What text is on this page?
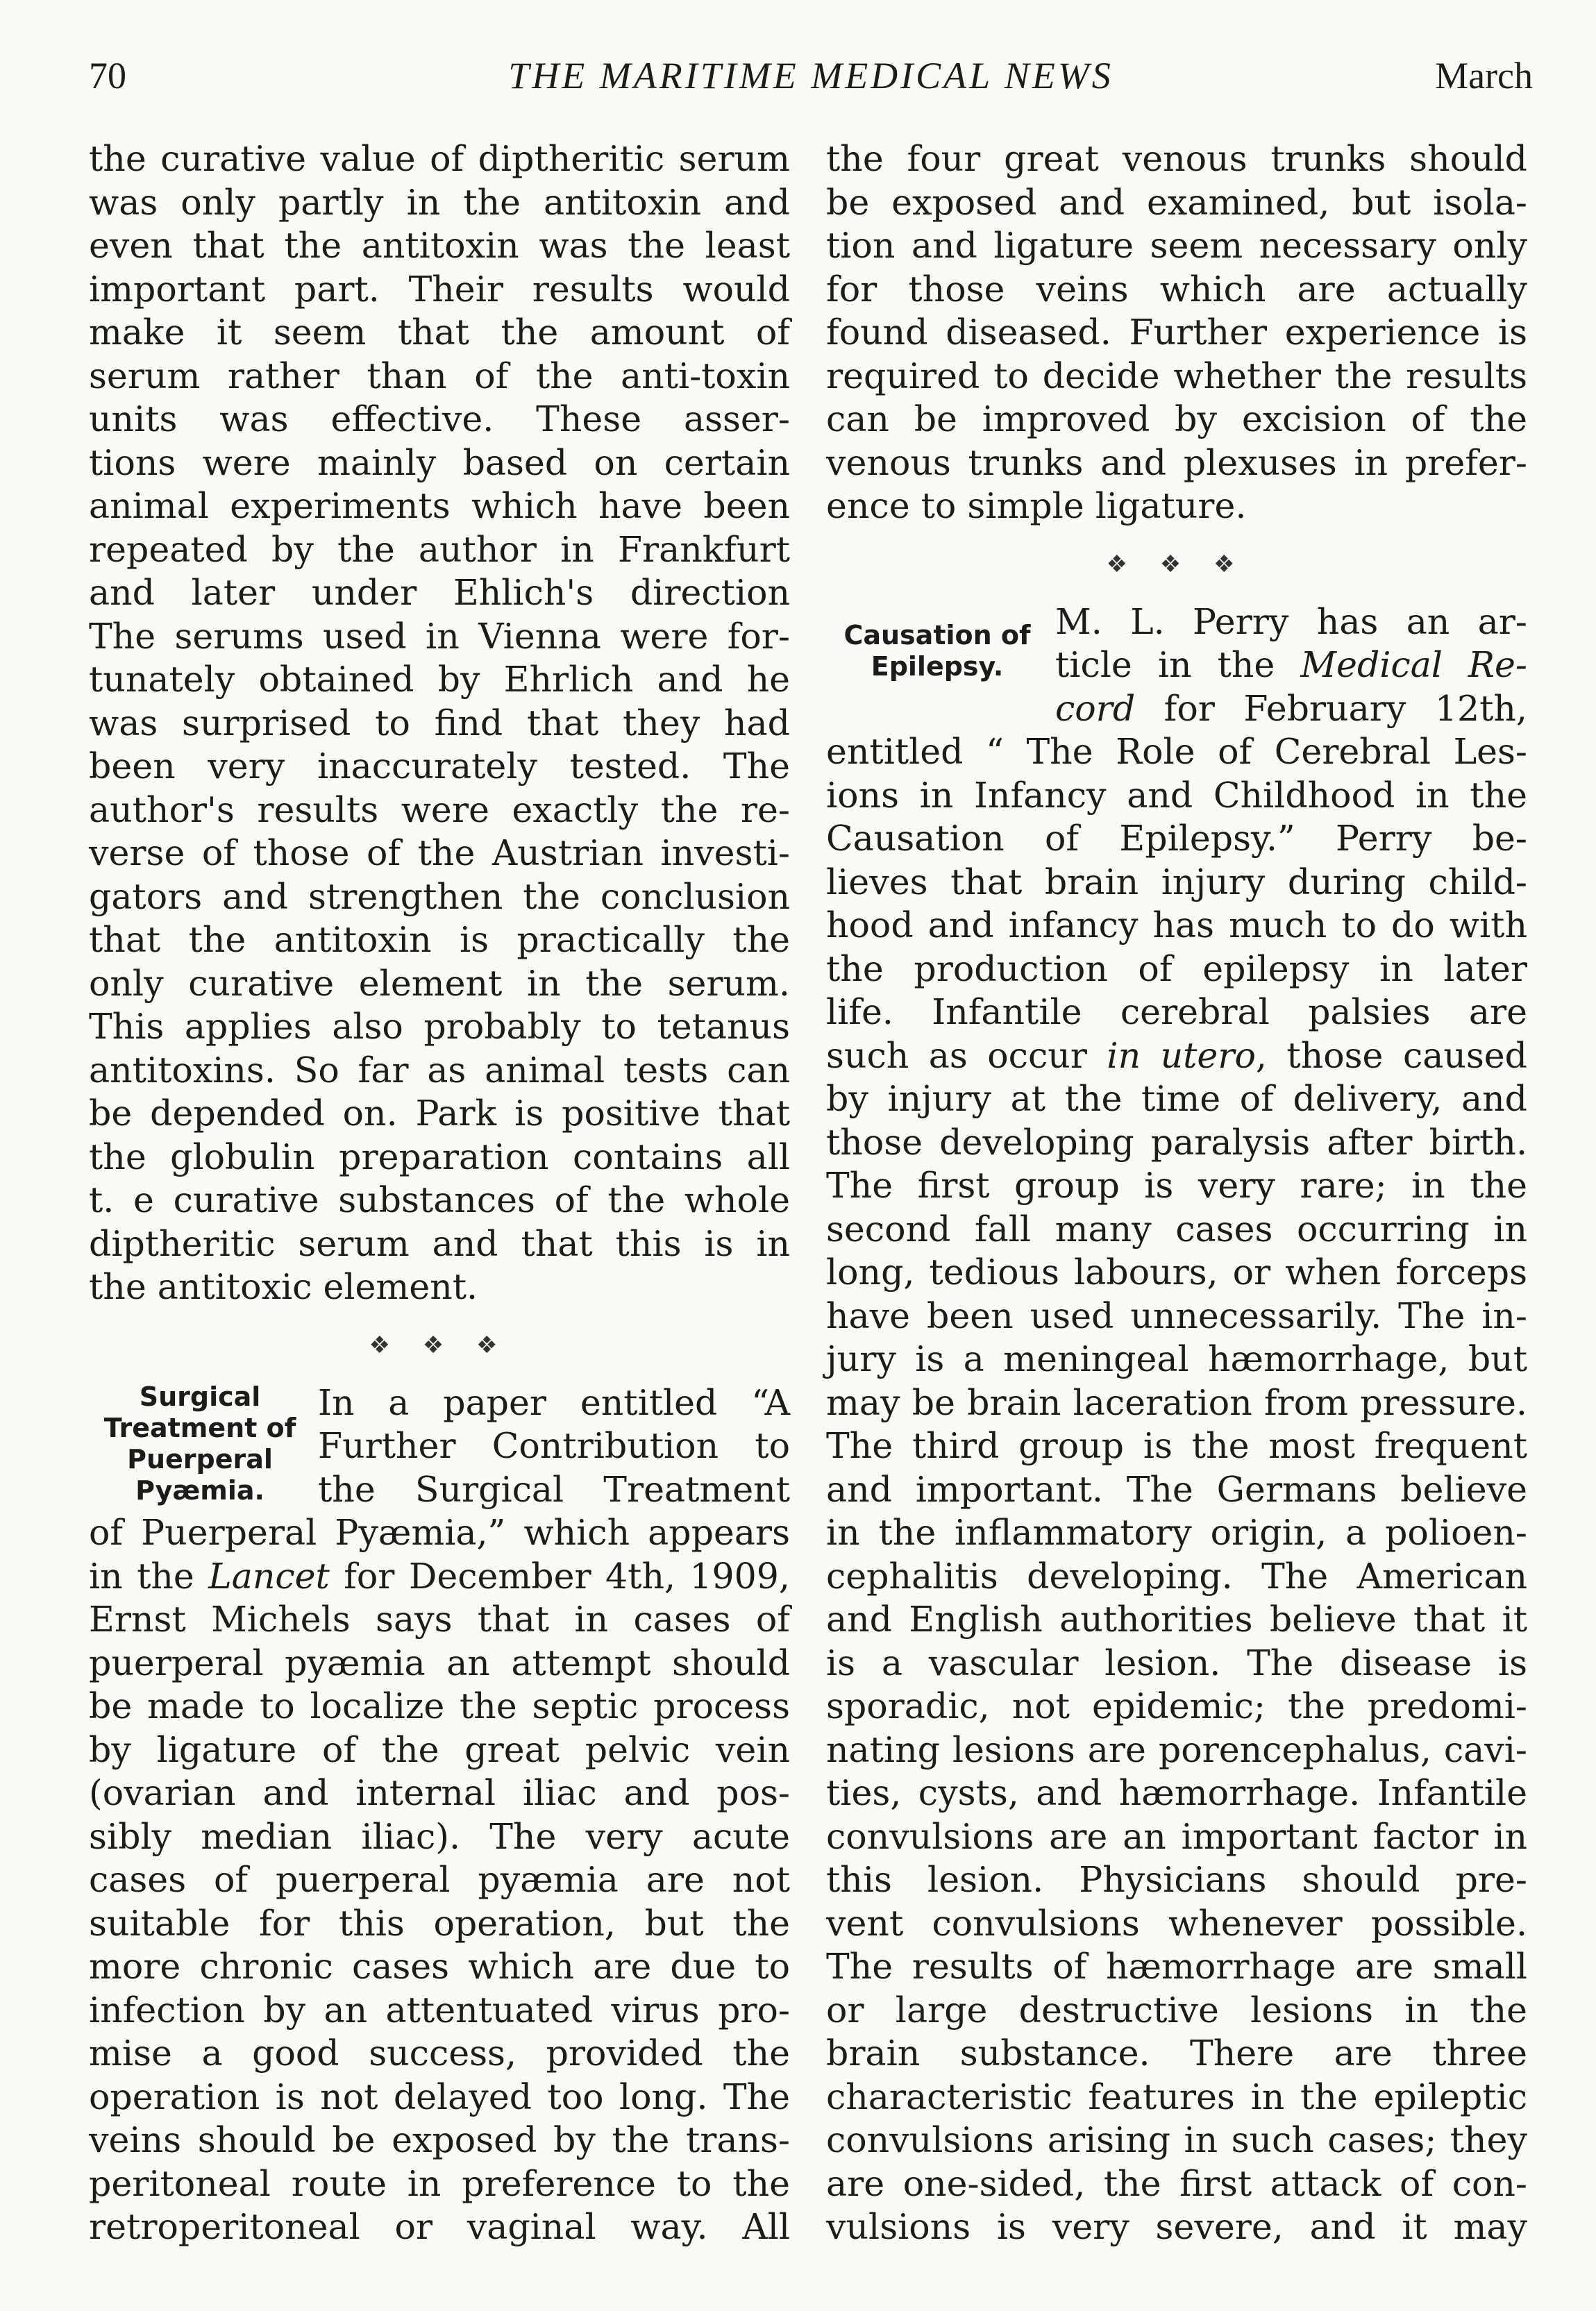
70	THE MARITIME MEDICAL NEWS	March
the curative value of diptheritic serum
was only partly in the antitoxin and
even that the antitoxin was the least
important part. Their results would
make it seem that the amount of
serum rather than of the anti-toxin
units was effective. These asser-
tions were mainly based on certain
animal experiments which have been
repeated by the author in Frankfurt
and later under Ehlich's direction
The serums used in Vienna were for-
tunately obtained by Ehrlich and he
was surprised to find that they had
been very inaccurately tested. The
author's results were exactly the re-
verse of those of the Austrian investi-
gators and strengthen the conclusion
that the antitoxin is practically the
only curative element in the serum.
This applies also probably to tetanus
antitoxins. So far as animal tests can
be depended on. Park is positive that
the globulin preparation contains all
t. e curative substances of the whole
diptheritic serum and that this is in
the antitoxic element.
❖ ❖ ❖
Surgical
Treatment of
Puerperal
Pyæmia.
In a paper entitled “A
Further Contribution to
the Surgical Treatment
of Puerperal Pyæmia,” which appears
in the Lancet for December 4th, 1909,
Ernst Michels says that in cases of
puerperal pyæmia an attempt should
be made to localize the septic process
by ligature of the great pelvic vein
(ovarian and internal iliac and pos-
sibly median iliac). The very acute
cases of puerperal pyæmia are not
suitable for this operation, but the
more chronic cases which are due to
infection by an attentuated virus pro-
mise a good success, provided the
operation is not delayed too long. The
veins should be exposed by the trans-
peritoneal route in preference to the
retroperitoneal or vaginal way. All
the four great venous trunks should
be exposed and examined, but isola-
tion and ligature seem necessary only
for those veins which are actually
found diseased. Further experience is
required to decide whether the results
can be improved by excision of the
venous trunks and plexuses in prefer-
ence to simple ligature.
❖ ❖ ❖
Causation of
Epilepsy.
M. L. Perry has an ar-
ticle in the Medical Re-
cord for February 12th,
entitled “ The Role of Cerebral Les-
ions in Infancy and Childhood in the
Causation of Epilepsy.” Perry be-
lieves that brain injury during child-
hood and infancy has much to do with
the production of epilepsy in later
life. Infantile cerebral palsies are
such as occur in utero, those caused
by injury at the time of delivery, and
those developing paralysis after birth.
The first group is very rare; in the
second fall many cases occurring in
long, tedious labours, or when forceps
have been used unnecessarily. The in-
jury is a meningeal hæmorrhage, but
may be brain laceration from pressure.
The third group is the most frequent
and important. The Germans believe
in the inflammatory origin, a polioen-
cephalitis developing. The American
and English authorities believe that it
is a vascular lesion. The disease is
sporadic, not epidemic; the predomi-
nating lesions are porencephalus, cavi-
ties, cysts, and hæmorrhage. Infantile
convulsions are an important factor in
this lesion. Physicians should pre-
vent convulsions whenever possible.
The results of hæmorrhage are small
or large destructive lesions in the
brain substance. There are three
characteristic features in the epileptic
convulsions arising in such cases; they
are one-sided, the first attack of con-
vulsions is very severe, and it may
